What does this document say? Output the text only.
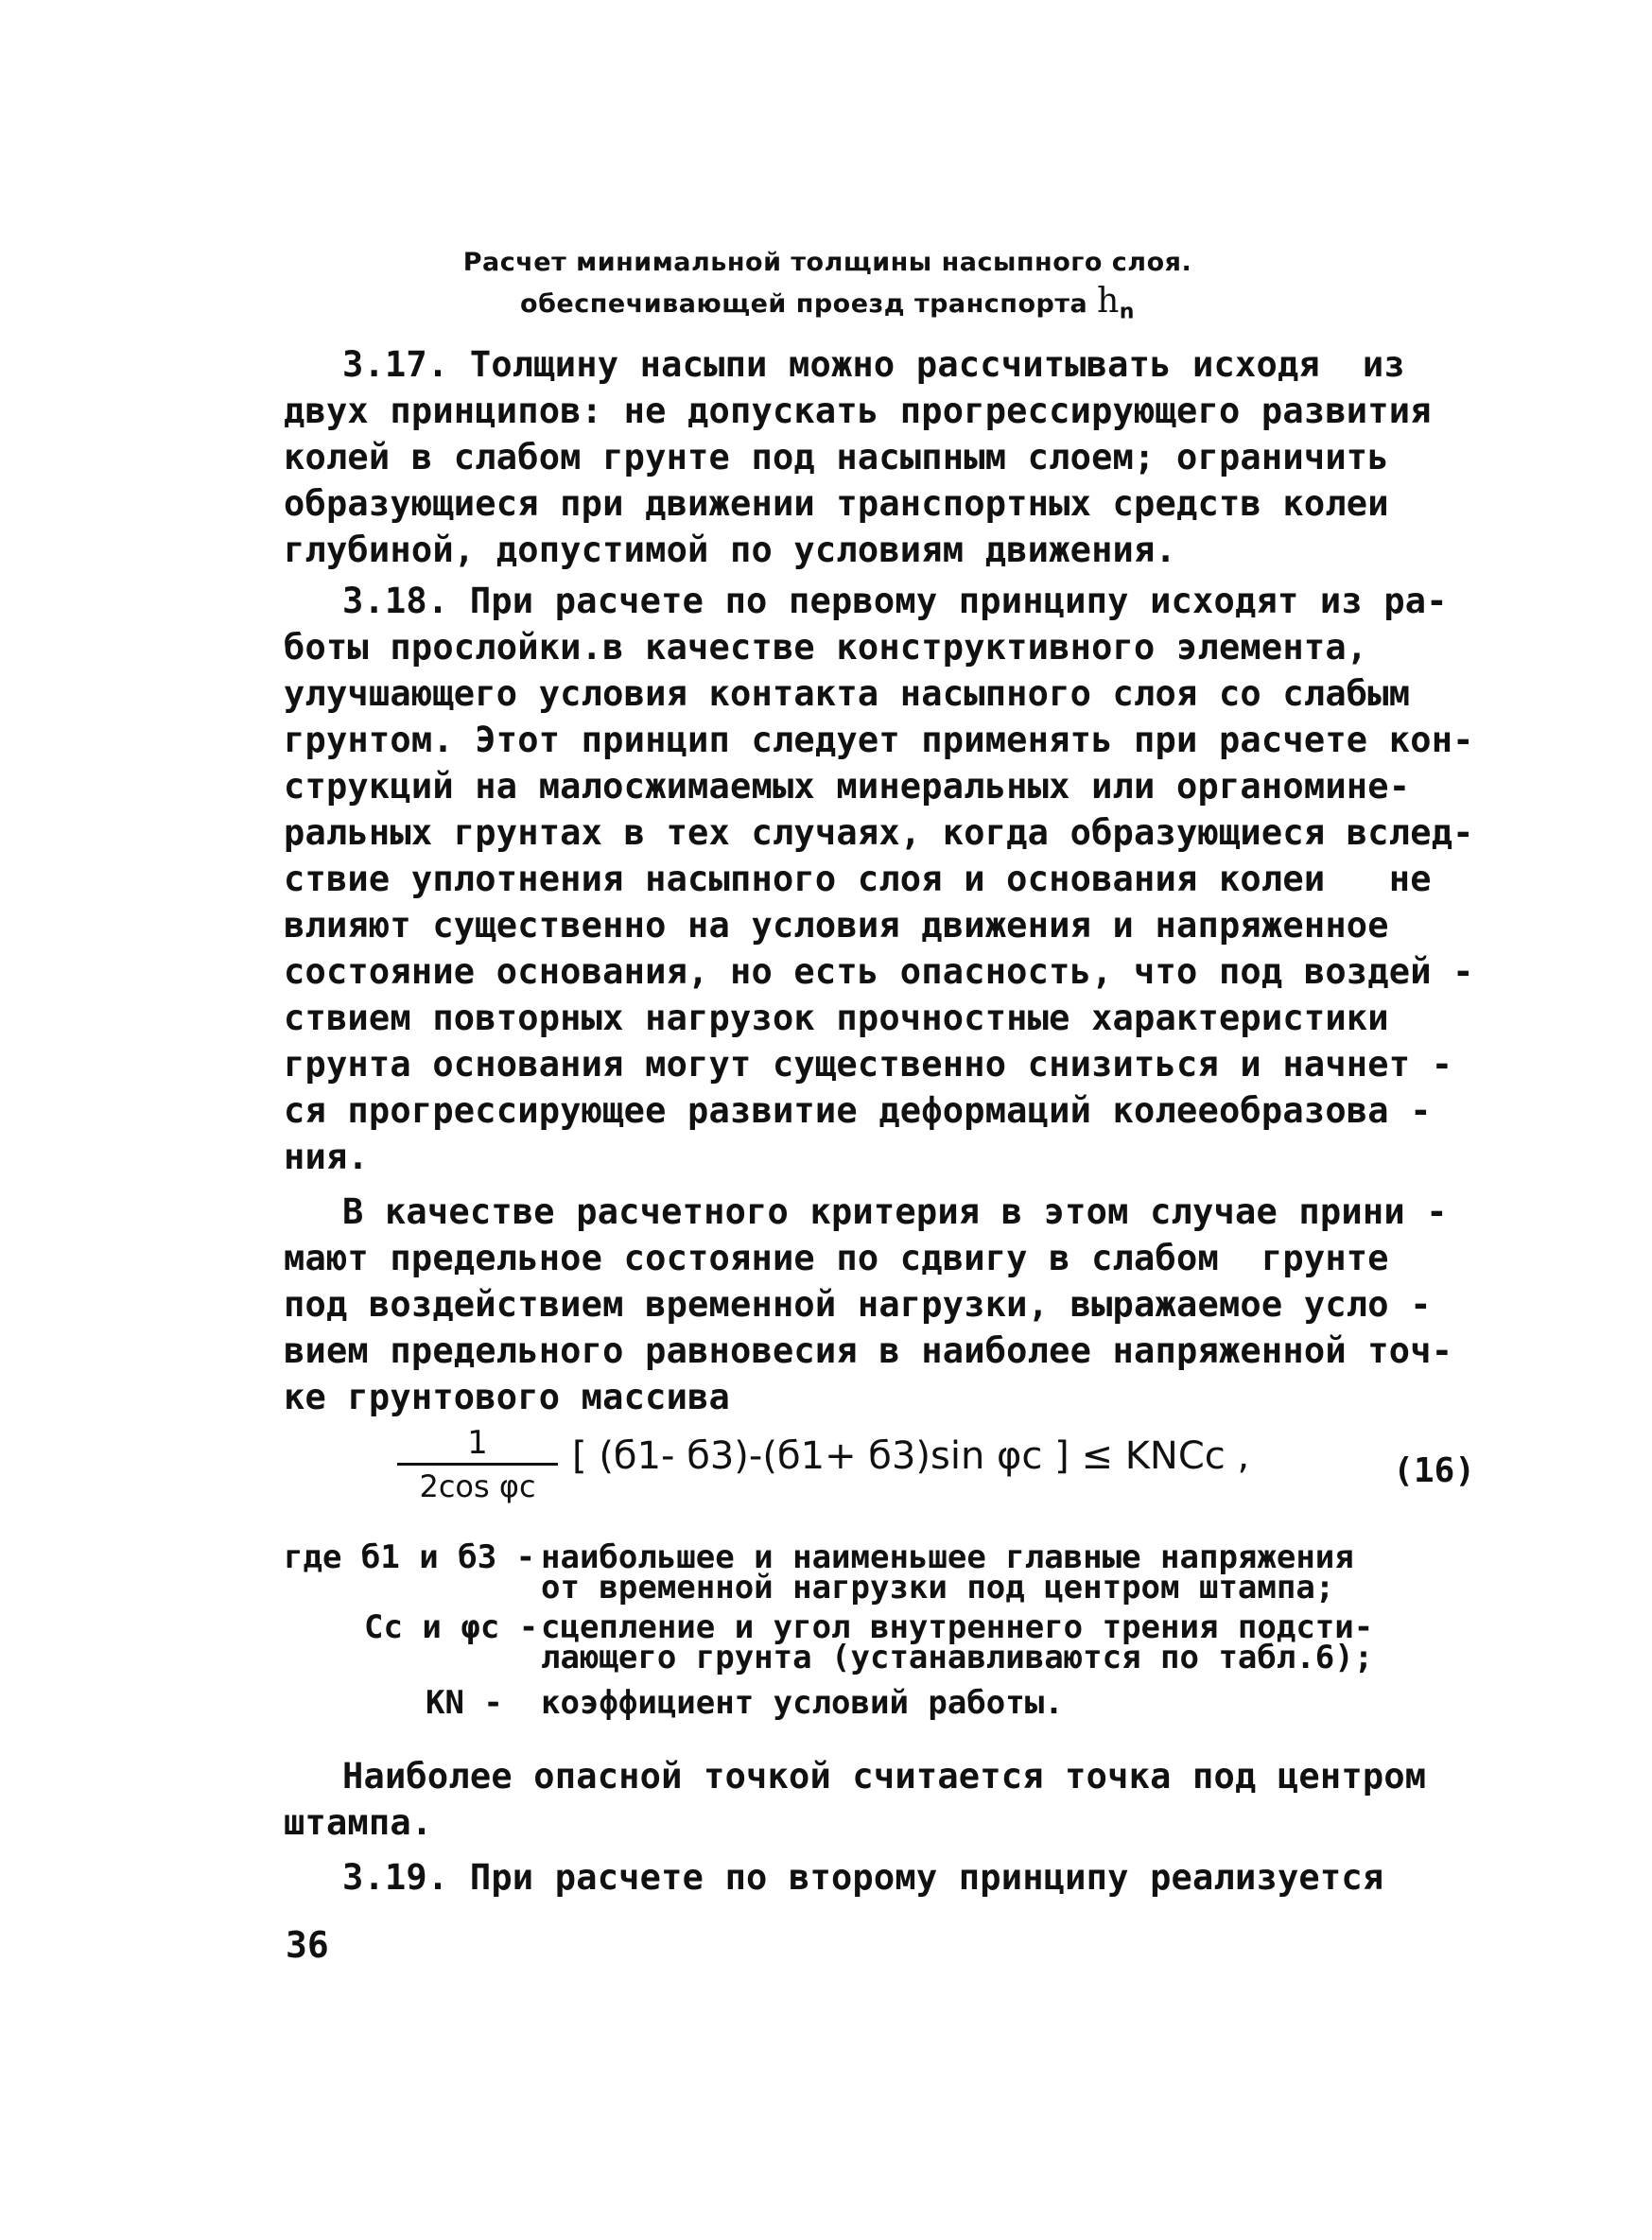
Расчет минимальной толщины насыпного слоя.
обеспечивающей проезд транспорта $h_n$
3.17. Толщину насыпи можно рассчитывать исходя  из
двух принципов: не допускать прогрессирующего развития
колей в слабом грунте под насыпным слоем; ограничить
образующиеся при движении транспортных средств колеи
глубиной, допустимой по условиям движения.
3.18. При расчете по первому принципу исходят из ра-
боты прослойки.в качестве конструктивного элемента,
улучшающего условия контакта насыпного слоя со слабым
грунтом. Этот принцип следует применять при расчете кон-
струкций на малосжимаемых минеральных или органомине-
ральных грунтах в тех случаях, когда образующиеся вслед-
ствие уплотнения насыпного слоя и основания колеи   не
влияют существенно на условия движения и напряженное
состояние основания, но есть опасность, что под воздей -
ствием повторных нагрузок прочностные характеристики
грунта основания могут существенно снизиться и начнет -
ся прогрессирующее развитие деформаций колееобразова -
ния.
В качестве расчетного критерия в этом случае прини -
мают предельное состояние по сдвигу в слабом  грунте
под воздействием временной нагрузки, выражаемое усло -
вием предельного равновесия в наиболее напряженной точ-
ке грунтового массива
1
2cos φc
[ (б1- б3)-(б1+ б3)sin φc ] ≤ KNCc ,	(16)
где б1 и б3 - наибольшее и наименьшее главные напряжения
от временной нагрузки под центром штампа;
Cc и φc - сцепление и угол внутреннего трения подсти-
лающего грунта (устанавливаются по табл.6);
KN - коэффициент условий работы.
Наиболее опасной точкой считается точка под центром
штампа.
3.19. При расчете по второму принципу реализуется
36
